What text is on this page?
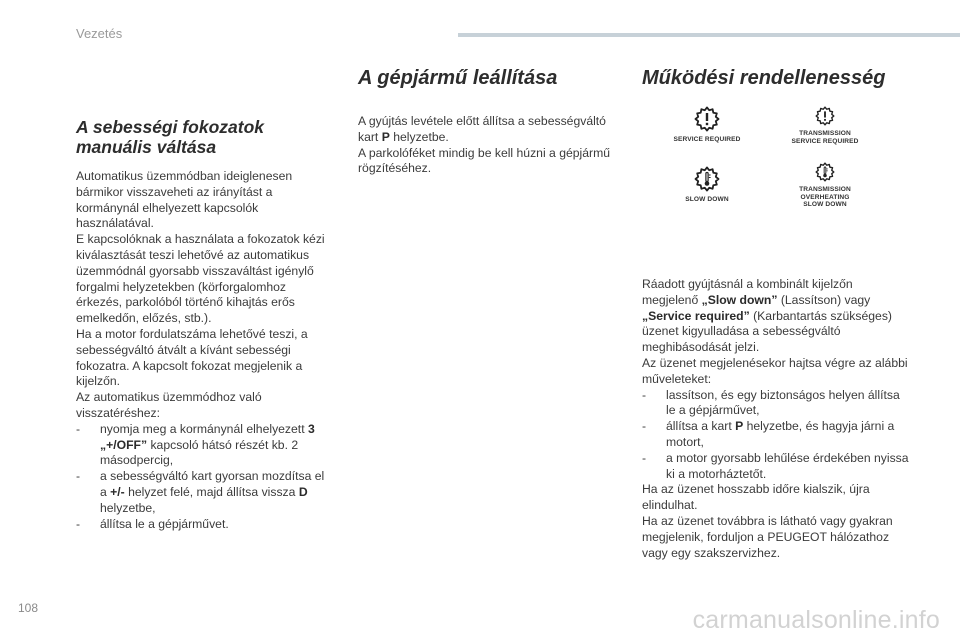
Vezetés
A sebességi fokozatok manuális váltása

Automatikus üzemmódban ideiglenesen bármikor visszaveheti az irányítást a kormánynál elhelyezett kapcsolók használatával.

E kapcsolóknak a használata a fokozatok kézi kiválasztását teszi lehetővé az automatikus üzemmódnál gyorsabb visszaváltást igénylő forgalmi helyzetekben (körforgalomhoz érkezés, parkolóból történő kihajtás erős emelkedőn, előzés, stb.).

Ha a motor fordulatszáma lehetővé teszi, a sebességváltó átvált a kívánt sebességi fokozatra. A kapcsolt fokozat megjelenik a kijelzőn.

Az automatikus üzemmódhoz való visszatéréshez:

- nyomja meg a kormánynál elhelyezett 3 „+/OFF” kapcsoló hátsó részét kb. 2 másodpercig,
- a sebességváltó kart gyorsan mozdítsa el a +/- helyzet felé, majd állítsa vissza D helyzetbe,
- állítsa le a gépjárművet.
A gépjármű leállítása

A gyújtás levétele előtt állítsa a sebességváltó kart P helyzetbe.

A parkolóféket mindig be kell húzni a gépjármű rögzítéséhez.

Működési rendellenesség
SERVICE REQUIRED
TRANSMISSION
SERVICE REQUIRED
SLOW DOWN
TRANSMISSION
OVERHEATING
SLOW DOWN

Ráadott gyújtásnál a kombinált kijelzőn megjelenő „Slow down” (Lassítson) vagy „Service required” (Karbantartás szükséges) üzenet kigyulladása a sebességváltó meghibásodását jelzi.

Az üzenet megjelenésekor hajtsa végre az alábbi műveleteket:

- lassítson, és egy biztonságos helyen állítsa le a gépjárművet,
- állítsa a kart P helyzetbe, és hagyja járni a motort,
- a motor gyorsabb lehűlése érdekében nyissa ki a motorháztetőt.

Ha az üzenet hosszabb időre kialszik, újra elindulhat.

Ha az üzenet továbbra is látható vagy gyakran megjelenik, forduljon a PEUGEOT hálózathoz vagy egy szakszervizhez.

108	carmanualsonline.info
